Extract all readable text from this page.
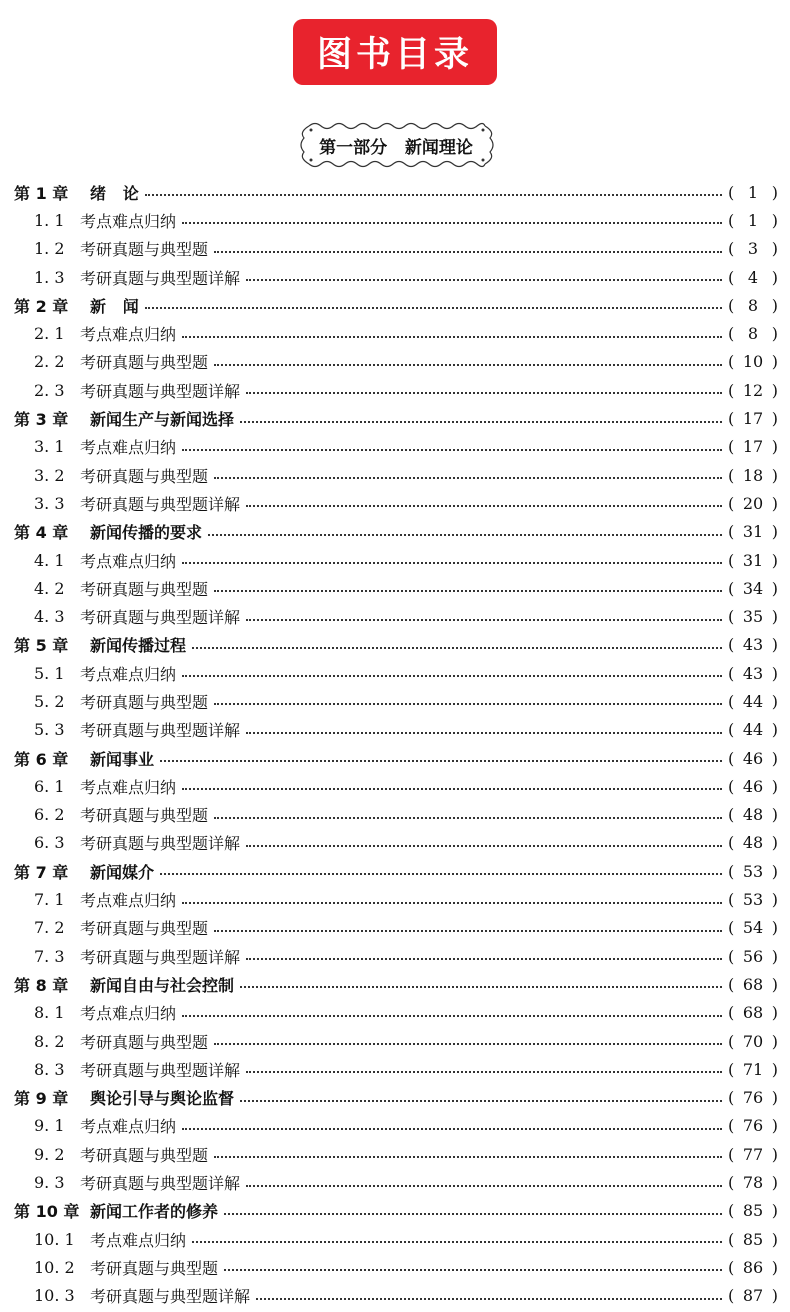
图书目录
第一部分   新闻理论
第 1 章	绪   论	( 1 )
1. 1 考点难点归纳	( 1 )
1. 2 考研真题与典型题	( 3 )
1. 3 考研真题与典型题详解	( 4 )
第 2 章	新   闻	( 8 )
2. 1 考点难点归纳	( 8 )
2. 2 考研真题与典型题	( 10 )
2. 3 考研真题与典型题详解	( 12 )
第 3 章	新闻生产与新闻选择	( 17 )
3. 1 考点难点归纳	( 17 )
3. 2 考研真题与典型题	( 18 )
3. 3 考研真题与典型题详解	( 20 )
第 4 章	新闻传播的要求	( 31 )
4. 1 考点难点归纳	( 31 )
4. 2 考研真题与典型题	( 34 )
4. 3 考研真题与典型题详解	( 35 )
第 5 章	新闻传播过程	( 43 )
5. 1 考点难点归纳	( 43 )
5. 2 考研真题与典型题	( 44 )
5. 3 考研真题与典型题详解	( 44 )
第 6 章	新闻事业	( 46 )
6. 1 考点难点归纳	( 46 )
6. 2 考研真题与典型题	( 48 )
6. 3 考研真题与典型题详解	( 48 )
第 7 章	新闻媒介	( 53 )
7. 1 考点难点归纳	( 53 )
7. 2 考研真题与典型题	( 54 )
7. 3 考研真题与典型题详解	( 56 )
第 8 章	新闻自由与社会控制	( 68 )
8. 1 考点难点归纳	( 68 )
8. 2 考研真题与典型题	( 70 )
8. 3 考研真题与典型题详解	( 71 )
第 9 章	舆论引导与舆论监督	( 76 )
9. 1 考点难点归纳	( 76 )
9. 2 考研真题与典型题	( 77 )
9. 3 考研真题与典型题详解	( 78 )
第 10 章 新闻工作者的修养	( 85 )
10. 1 考点难点归纳	( 85 )
10. 2 考研真题与典型题	( 86 )
10. 3 考研真题与典型题详解	( 87 )
